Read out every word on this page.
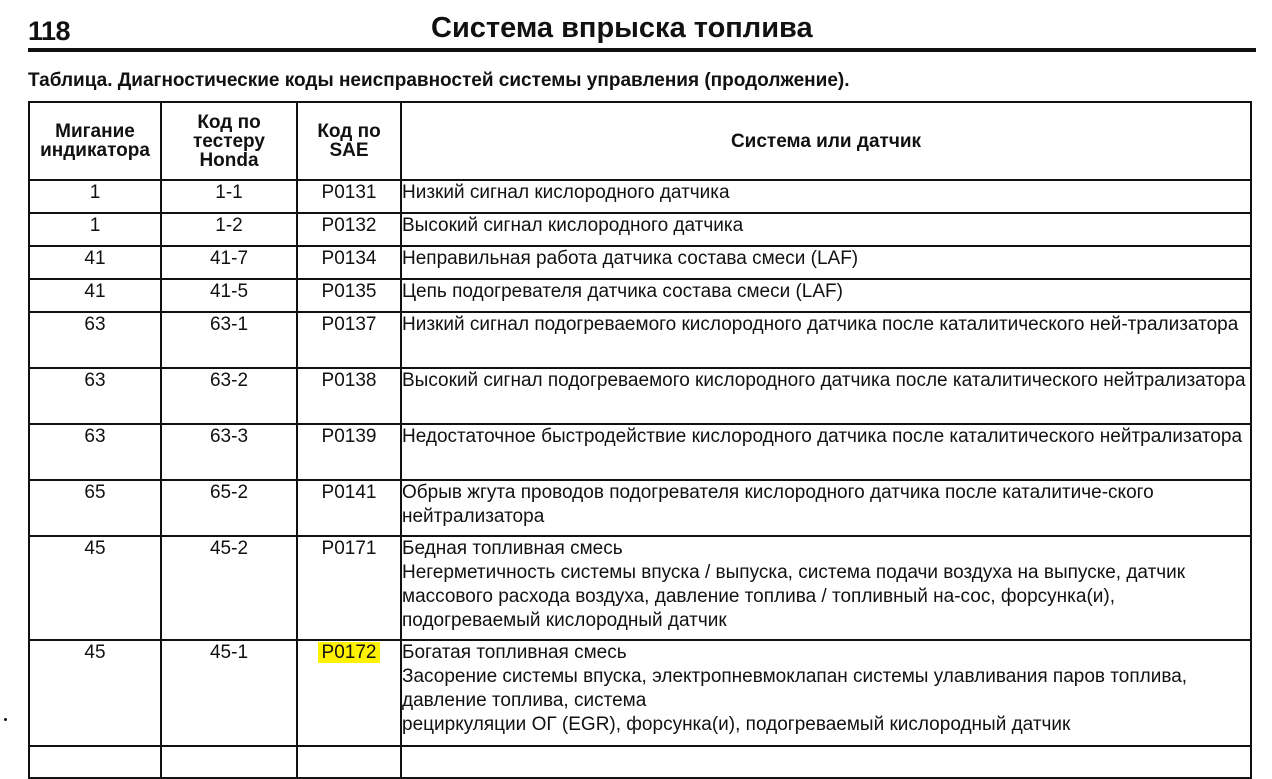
118	Система впрыска топлива
Таблица. Диагностические коды неисправностей системы управления (продолжение).
Мигание индикатора	Код по тестеру Honda	Код по SAE	Система или датчик
1	1-1	P0131	Низкий сигнал кислородного датчика
1	1-2	P0132	Высокий сигнал кислородного датчика
41	41-7	P0134	Неправильная работа датчика состава смеси (LAF)
41	41-5	P0135	Цепь подогревателя датчика состава смеси (LAF)
63	63-1	P0137	Низкий сигнал подогреваемого кислородного датчика после каталитического ней-трализатора
63	63-2	P0138	Высокий сигнал подогреваемого кислородного датчика после каталитического нейтрализатора
63	63-3	P0139	Недостаточное быстродействие кислородного датчика после каталитического нейтрализатора
65	65-2	P0141	Обрыв жгута проводов подогревателя кислородного датчика после каталитиче-ского нейтрализатора
45	45-2	P0171	Бедная топливная смесь
Негерметичность системы впуска / выпуска, система подачи воздуха на выпуске, датчик массового расхода воздуха, давление топлива / топливный на-сос, форсунка(и), подогреваемый кислородный датчик

45	45-1	P0172	Богатая топливная смесь
Засорение системы впуска, электропневмоклапан системы улавливания паров топлива, давление топлива, система
рециркуляции ОГ (EGR), форсунка(и), подогреваемый кислородный датчик
